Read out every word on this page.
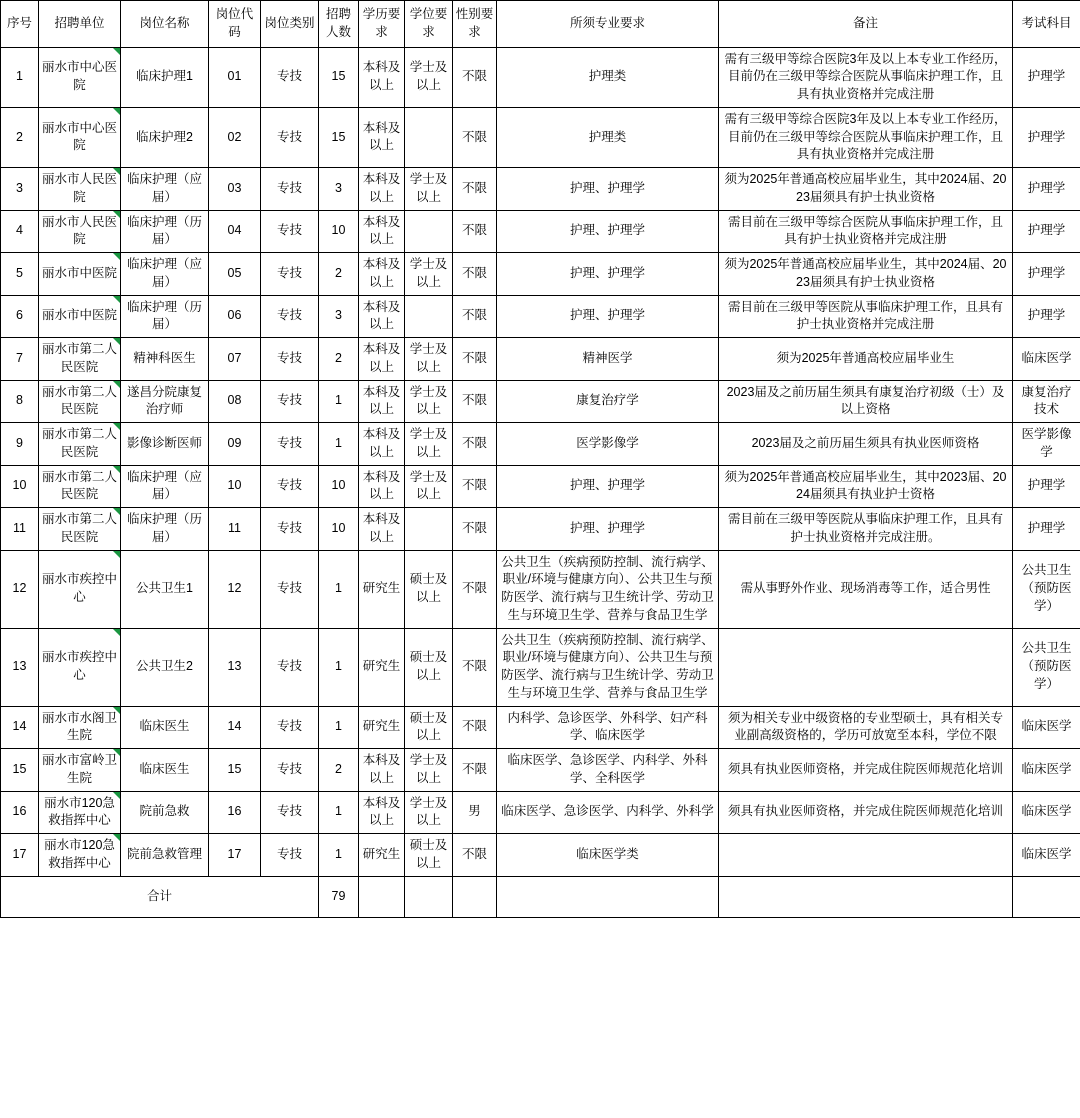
序号	招聘单位	岗位名称	岗位代码	岗位类别	招聘人数	学历要求	学位要求	性别要求	所须专业要求	备注	考试科目
1	丽水市中心医院	临床护理1	01	专技	15	本科及以上	学士及以上	不限	护理类	需有三级甲等综合医院3年及以上本专业工作经历，目前仍在三级甲等综合医院从事临床护理工作，且具有执业资格并完成注册	护理学
2	丽水市中心医院	临床护理2	02	专技	15	本科及以上		不限	护理类	需有三级甲等综合医院3年及以上本专业工作经历，目前仍在三级甲等综合医院从事临床护理工作，且具有执业资格并完成注册	护理学
3	丽水市人民医院	临床护理（应届）	03	专技	3	本科及以上	学士及以上	不限	护理、护理学	须为2025年普通高校应届毕业生，其中2024届、2023届须具有护士执业资格	护理学
4	丽水市人民医院	临床护理（历届）	04	专技	10	本科及以上		不限	护理、护理学	需目前在三级甲等综合医院从事临床护理工作，且具有护士执业资格并完成注册	护理学
5	丽水市中医院	临床护理（应届）	05	专技	2	本科及以上	学士及以上	不限	护理、护理学	须为2025年普通高校应届毕业生，其中2024届、2023届须具有护士执业资格	护理学
6	丽水市中医院	临床护理（历届）	06	专技	3	本科及以上		不限	护理、护理学	需目前在三级甲等医院从事临床护理工作，且具有护士执业资格并完成注册	护理学
7	丽水市第二人民医院	精神科医生	07	专技	2	本科及以上	学士及以上	不限	精神医学	须为2025年普通高校应届毕业生	临床医学
8	丽水市第二人民医院	遂昌分院康复治疗师	08	专技	1	本科及以上	学士及以上	不限	康复治疗学	2023届及之前历届生须具有康复治疗初级（士）及以上资格	康复治疗技术
9	丽水市第二人民医院	影像诊断医师	09	专技	1	本科及以上	学士及以上	不限	医学影像学	2023届及之前历届生须具有执业医师资格	医学影像学
10	丽水市第二人民医院	临床护理（应届）	10	专技	10	本科及以上	学士及以上	不限	护理、护理学	须为2025年普通高校应届毕业生，其中2023届、2024届须具有执业护士资格	护理学
11	丽水市第二人民医院	临床护理（历届）	11	专技	10	本科及以上		不限	护理、护理学	需目前在三级甲等医院从事临床护理工作，且具有护士执业资格并完成注册。	护理学
12	丽水市疾控中心	公共卫生1	12	专技	1	研究生	硕士及以上	不限	公共卫生（疾病预防控制、流行病学、职业/环境与健康方向）、公共卫生与预防医学、流行病与卫生统计学、劳动卫生与环境卫生学、营养与食品卫生学	需从事野外作业、现场消毒等工作，适合男性	公共卫生（预防医学）
13	丽水市疾控中心	公共卫生2	13	专技	1	研究生	硕士及以上	不限	公共卫生（疾病预防控制、流行病学、职业/环境与健康方向）、公共卫生与预防医学、流行病与卫生统计学、劳动卫生与环境卫生学、营养与食品卫生学		公共卫生（预防医学）
14	丽水市水阁卫生院	临床医生	14	专技	1	研究生	硕士及以上	不限	内科学、急诊医学、外科学、妇产科学、临床医学	须为相关专业中级资格的专业型硕士，具有相关专业副高级资格的，学历可放宽至本科，学位不限	临床医学
15	丽水市富岭卫生院	临床医生	15	专技	2	本科及以上	学士及以上	不限	临床医学、急诊医学、内科学、外科学、全科医学	须具有执业医师资格，并完成住院医师规范化培训	临床医学
16	丽水市120急救指挥中心	院前急救	16	专技	1	本科及以上	学士及以上	男	临床医学、急诊医学、内科学、外科学	须具有执业医师资格，并完成住院医师规范化培训	临床医学
17	丽水市120急救指挥中心	院前急救管理	17	专技	1	研究生	硕士及以上	不限	临床医学类		临床医学
合计					79						
